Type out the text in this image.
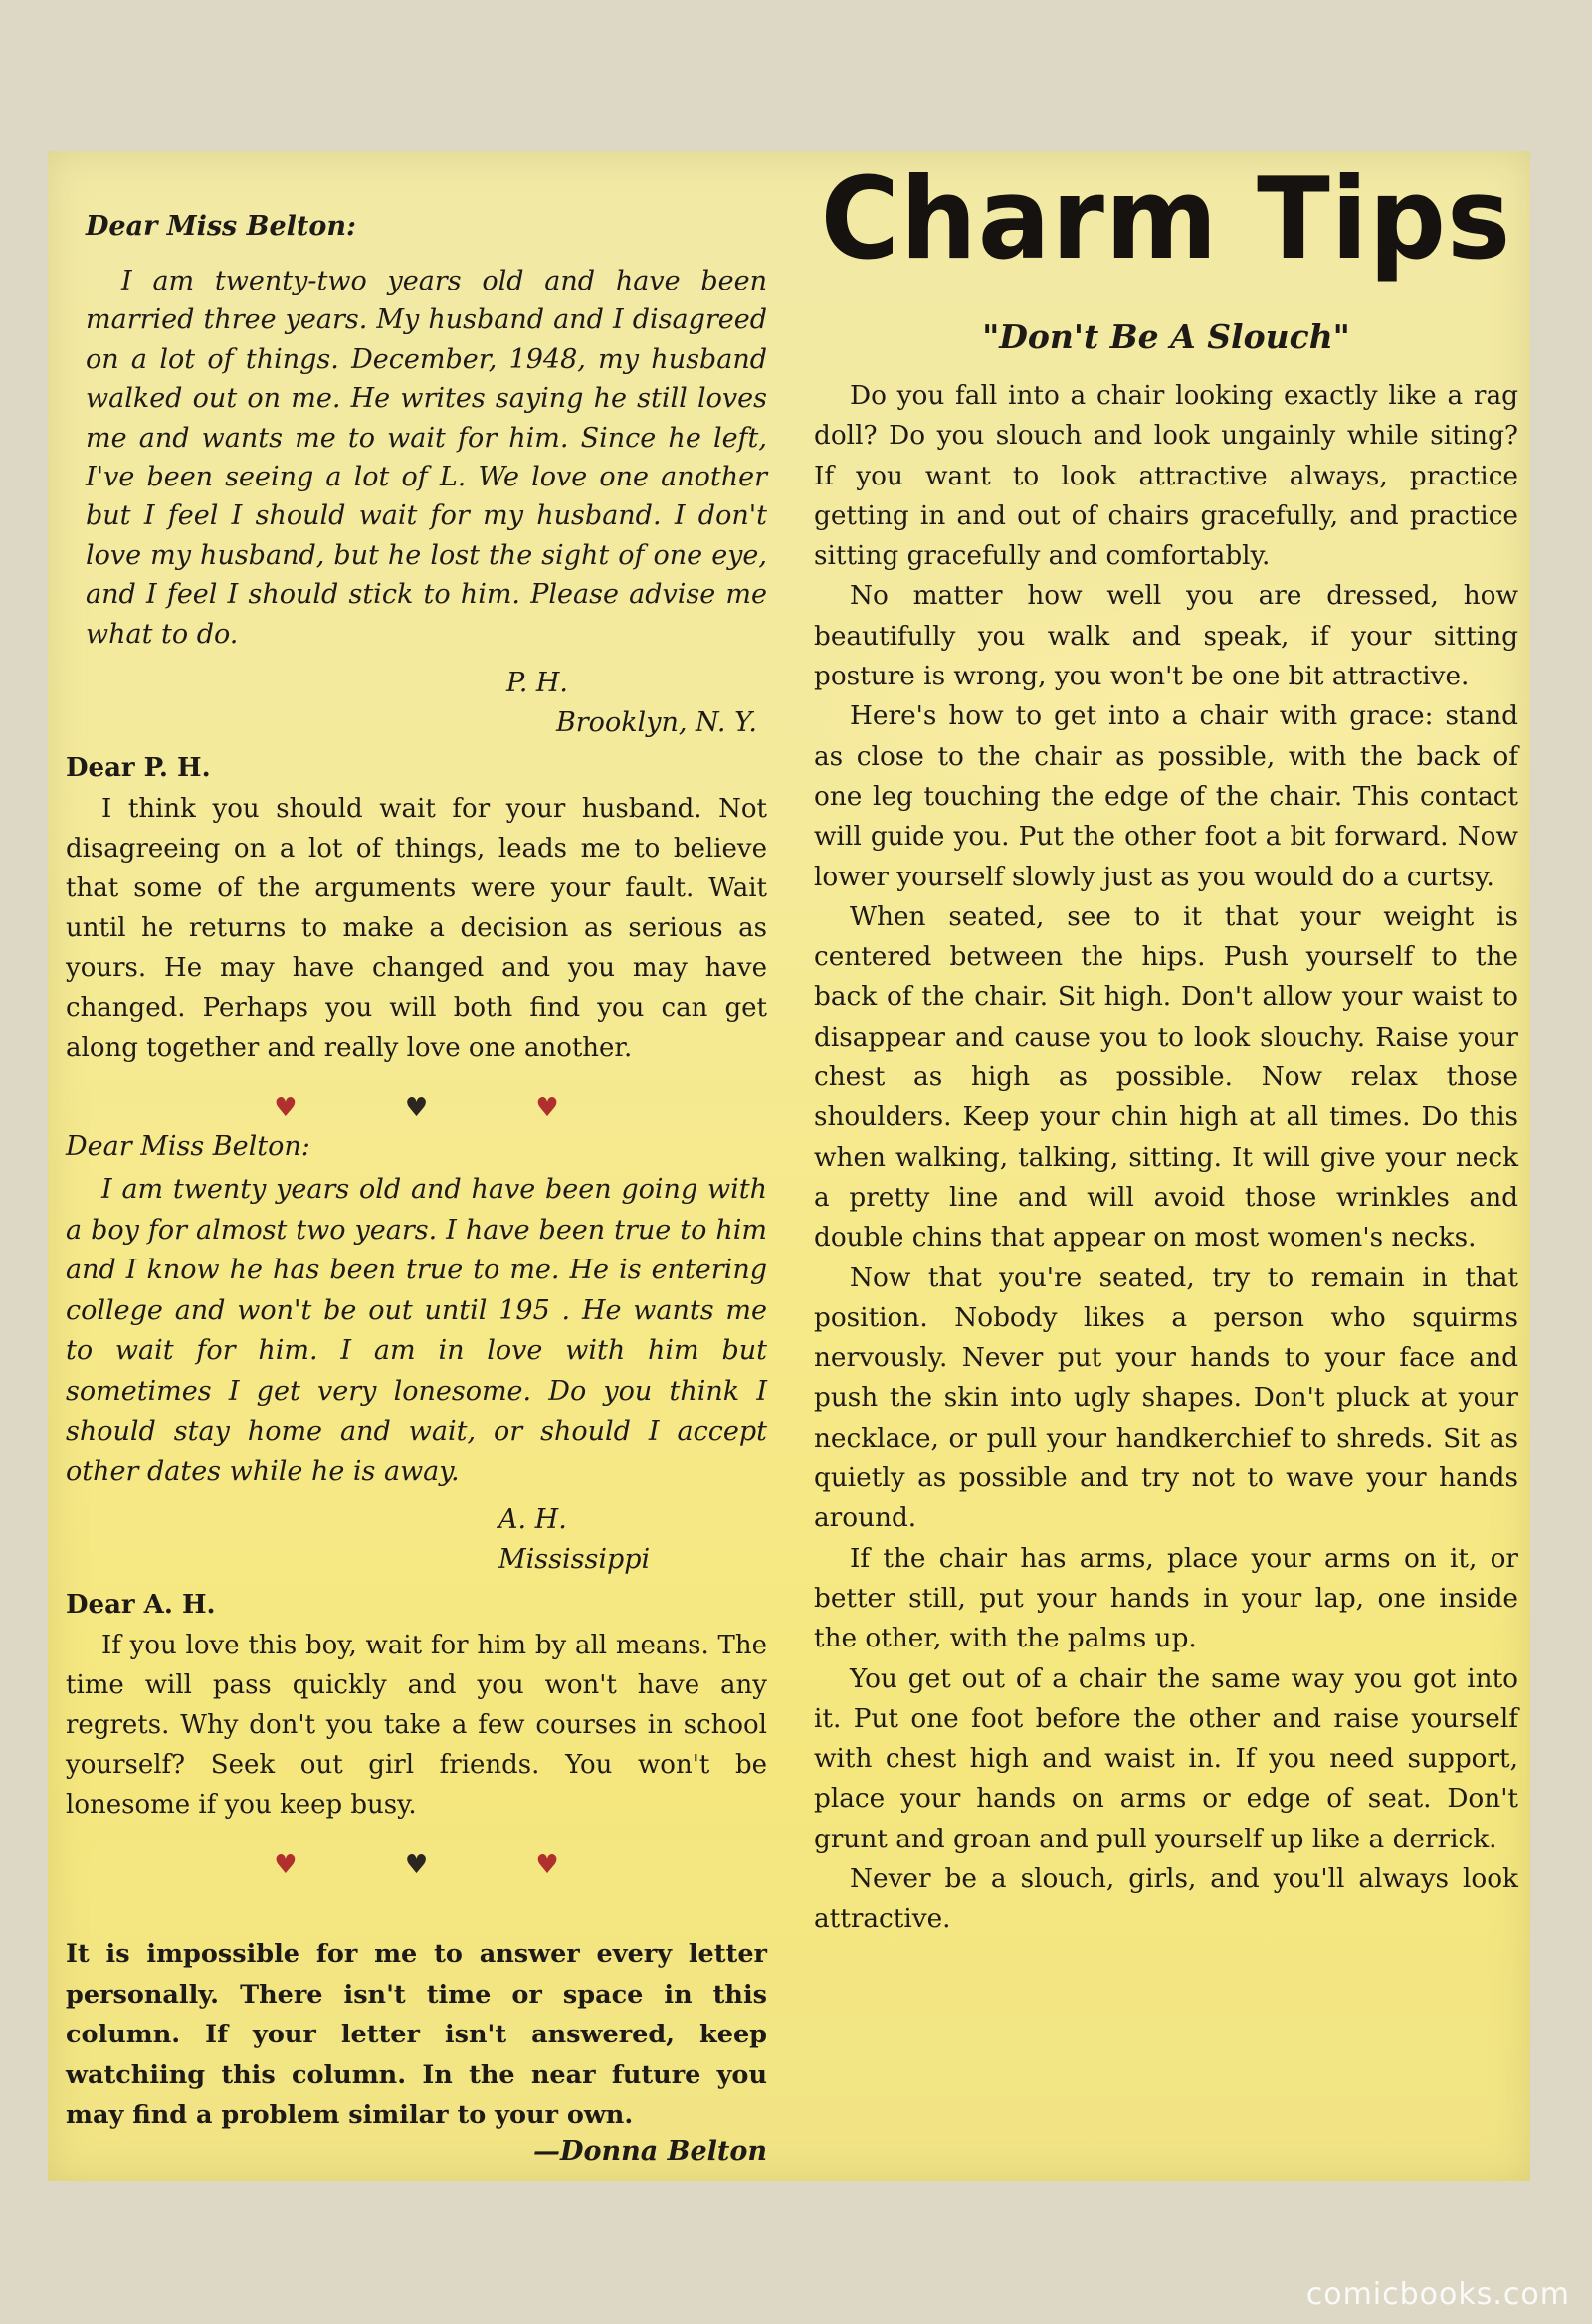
Dear Miss Belton:

I am twenty-two years old and have been married three years. My husband and I disagreed on a lot of things. December, 1948, my husband walked out on me. He writes saying he still loves me and wants me to wait for him. Since he left, I've been seeing a lot of L. We love one another but I feel I should wait for my husband. I don't love my husband, but he lost the sight of one eye, and I feel I should stick to him. Please advise me what to do.

P. H.

Brooklyn, N. Y.

Dear P. H.

I think you should wait for your husband. Not disagreeing on a lot of things, leads me to believe that some of the arguments were your fault. Wait until he returns to make a decision as serious as yours. He may have changed and you may have changed. Perhaps you will both find you can get along together and really love one another.

♥	♥	♥
Dear Miss Belton:

I am twenty years old and have been going with a boy for almost two years. I have been true to him and I know he has been true to me. He is entering college and won't be out until 195 . He wants me to wait for him. I am in love with him but sometimes I get very lonesome. Do you think I should stay home and wait, or should I accept other dates while he is away.

A. H.

Mississippi

Dear A. H.

If you love this boy, wait for him by all means. The time will pass quickly and you won't have any regrets. Why don't you take a few courses in school yourself? Seek out girl friends. You won't be lonesome if you keep busy.

♥	♥	♥

It is impossible for me to answer every letter personally. There isn't time or space in this column. If your letter isn't answered, keep watchiing this column. In the near future you may find a problem similar to your own.

—Donna Belton

Charm Tips
"Don't Be A Slouch"

Do you fall into a chair looking exactly like a rag doll? Do you slouch and look ungainly while siting? If you want to look attractive always, practice getting in and out of chairs gracefully, and practice sitting gracefully and comfortably.

No matter how well you are dressed, how beautifully you walk and speak, if your sitting posture is wrong, you won't be one bit attractive.

Here's how to get into a chair with grace: stand as close to the chair as possible, with the back of one leg touching the edge of the chair. This contact will guide you. Put the other foot a bit forward. Now lower yourself slowly just as you would do a curtsy.

When seated, see to it that your weight is centered between the hips. Push yourself to the back of the chair. Sit high. Don't allow your waist to disappear and cause you to look slouchy. Raise your chest as high as possible. Now relax those shoulders. Keep your chin high at all times. Do this when walking, talking, sitting. It will give your neck a pretty line and will avoid those wrinkles and double chins that appear on most women's necks.

Now that you're seated, try to remain in that position. Nobody likes a person who squirms nervously. Never put your hands to your face and push the skin into ugly shapes. Don't pluck at your necklace, or pull your handkerchief to shreds. Sit as quietly as possible and try not to wave your hands around.

If the chair has arms, place your arms on it, or better still, put your hands in your lap, one inside the other, with the palms up.

You get out of a chair the same way you got into it. Put one foot before the other and raise yourself with chest high and waist in. If you need support, place your hands on arms or edge of seat. Don't grunt and groan and pull yourself up like a derrick.

Never be a slouch, girls, and you'll always look attractive.

comicbooks.com
